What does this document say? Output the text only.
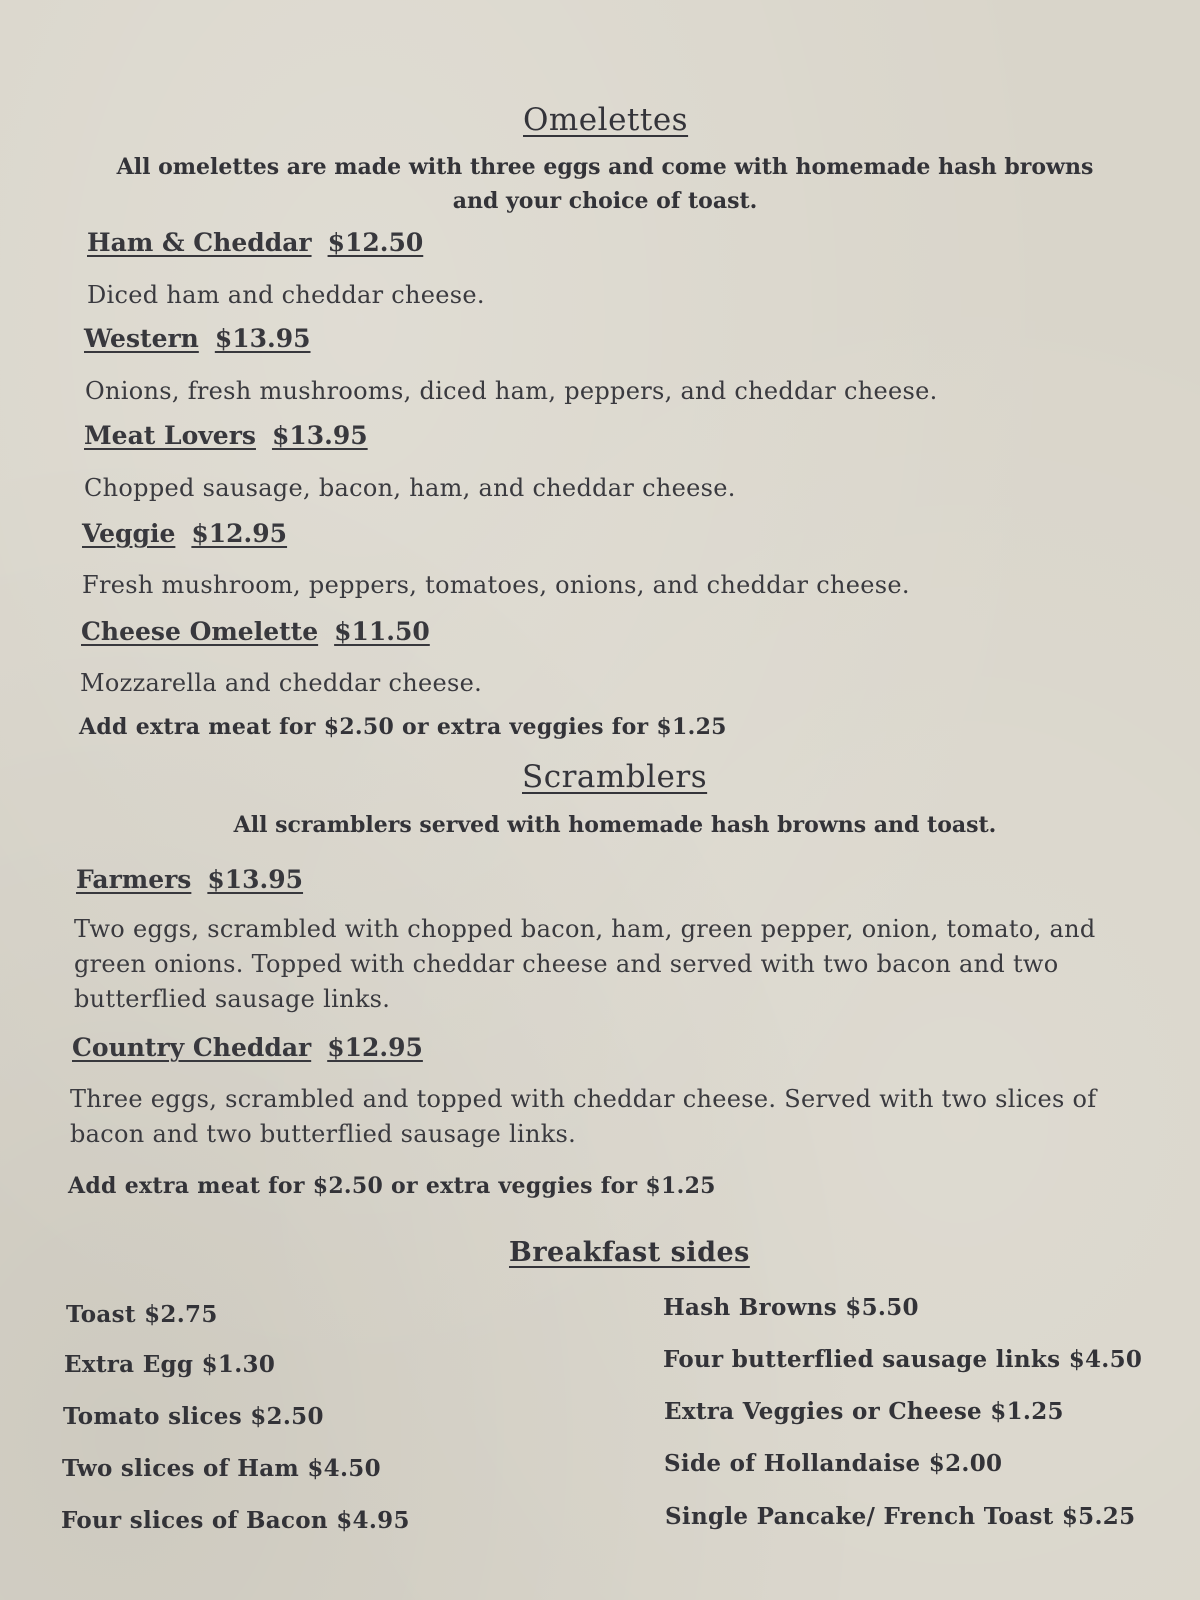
Omelettes
All omelettes are made with three eggs and come with homemade hash browns and your choice of toast.
Ham & Cheddar $12.50
Diced ham and cheddar cheese.
Western $13.95
Onions, fresh mushrooms, diced ham, peppers, and cheddar cheese.
Meat Lovers $13.95
Chopped sausage, bacon, ham, and cheddar cheese.
Veggie $12.95
Fresh mushroom, peppers, tomatoes, onions, and cheddar cheese.
Cheese Omelette $11.50
Mozzarella and cheddar cheese.
Add extra meat for $2.50 or extra veggies for $1.25
Scramblers
All scramblers served with homemade hash browns and toast.
Farmers $13.95
Two eggs, scrambled with chopped bacon, ham, green pepper, onion, tomato, and
green onions. Topped with cheddar cheese and served with two bacon and two
butterflied sausage links.
Country Cheddar $12.95
Three eggs, scrambled and topped with cheddar cheese. Served with two slices of
bacon and two butterflied sausage links.
Add extra meat for $2.50 or extra veggies for $1.25
Breakfast sides
Toast $2.75
Extra Egg $1.30
Tomato slices $2.50
Two slices of Ham $4.50
Four slices of Bacon $4.95
Hash Browns $5.50
Four butterflied sausage links $4.50
Extra Veggies or Cheese $1.25
Side of Hollandaise $2.00
Single Pancake/ French Toast $5.25
